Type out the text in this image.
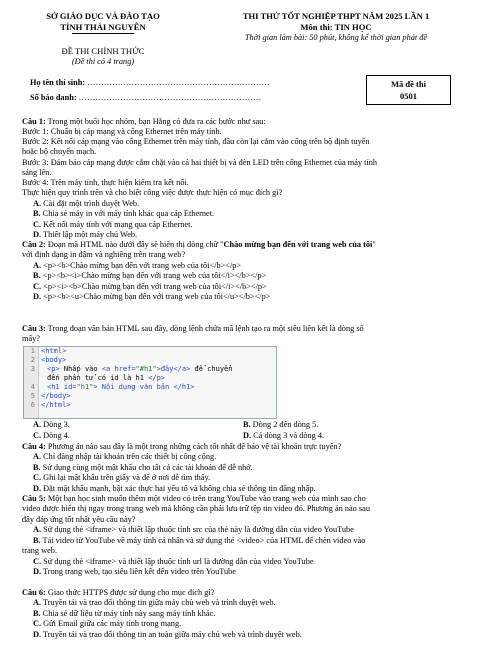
SỞ GIÁO DỤC VÀ ĐÀO TẠO
TỈNH THÁI NGUYÊN
THI THỬ TỐT NGHIỆP THPT NĂM 2025 LẦN 1
Môn thi: TIN HỌC
Thời gian làm bài: 50 phút, không kể thời gian phát đề
ĐỀ THI CHÍNH THỨC
(Đề thi có 4 trang)
Họ tên thí sinh: …………………………………………………………
Số báo danh: …………………………………………………………
Mã đề thi
0501
Câu 1: Trong một buổi học nhóm, bạn Hằng có đưa ra các bước như sau:
Bước 1: Chuẩn bị cáp mạng và cổng Ethernet trên máy tính.
Bước 2: Kết nối cáp mạng vào cổng Ethernet trên máy tính, đầu còn lại cắm vào cổng trên bộ định tuyến
hoặc bộ chuyển mạch.
Bước 3: Đảm bảo cáp mạng được cắm chặt vào cả hai thiết bị và đèn LED trên cổng Ethernet của máy tính
sáng lên.
Bước 4: Trên máy tính, thực hiện kiểm tra kết nối.
Thực hiện quy trình trên và cho biết công việc được thực hiện có mục đích gì?
A. Cài đặt một trình duyệt Web.
B. Chia sẻ máy in với máy tính khác qua cáp Ethernet.
C. Kết nối máy tính với mạng qua cáp Ethernet.
D. Thiết lập một máy chủ Web.
Câu 2: Đoạn mã HTML nào dưới đây sẽ hiển thị dòng chữ "Chào mừng bạn đến với trang web của tôi"
với định dạng in đậm và nghiêng trên trang web?
A. <p><b>Chào mừng bạn đến với trang web của tôi</b></p>
B. <p><b><i>Chào mừng bạn đến với trang web của tôi</i></b></p>
C. <p><i><b>Chào mừng bạn đến với trang web của tôi</i></b></p>
D. <p><b><u>Chào mừng bạn đến với trang web của tôi</u></b></p>
Câu 3: Trong đoạn văn bản HTML sau đây, dòng lệnh chứa mã lệnh tạo ra một siêu liên kết là dòng số
mấy?
1
2
3

4
5
6
<html>
<body>
<p> Nhấp vào <a href="#h1">đây</a> để chuyển
đến phần tử có id là h1 </p>
<h1 id="h1"> Nội dung văn bản </h1>
</body>
</html>
A. Dòng 3.	B. Dòng 2 đến dòng 5.
C. Dòng 4.	D. Cả dòng 3 và dòng 4.
Câu 4: Phương án nào sau đây là một trong những cách tốt nhất để bảo vệ tài khoản trực tuyến?
A. Chỉ đăng nhập tài khoản trên các thiết bị công cộng.
B. Sử dụng cùng một mật khẩu cho tất cả các tài khoản để dễ nhớ.
C. Ghi lại mật khẩu trên giấy và để ở nơi dễ tìm thấy.
D. Đặt mật khẩu mạnh, bật xác thực hai yếu tố và không chia sẻ thông tin đăng nhập.
Câu 5: Một bạn học sinh muốn thêm một video có trên trang YouTube vào trang web của mình sao cho
video được hiển thị ngay trong trang web mà không cần phải lưu trữ tệp tin video đó. Phương án nào sau
đây đáp ứng tốt nhất yêu cầu này?
A. Sử dụng thẻ <iframe> và thiết lập thuộc tính src của thẻ này là đường dẫn của video YouTube
B. Tải video từ YouTube về máy tính cá nhân và sử dụng thẻ <video> của HTML để chèn video vào
trang web.
C. Sử dụng thẻ <iframe> và thiết lập thuộc tính url là đường dẫn của video YouTube
D. Trong trang web, tạo siêu liên kết đến video trên YouTube
Câu 6: Giao thức HTTPS được sử dụng cho mục đích gì?
A. Truyền tải và trao đổi thông tin giữa máy chủ web và trình duyệt web.
B. Chia sẻ dữ liệu từ máy tính này sang máy tính khác.
C. Gửi Email giữa các máy tính trong mạng.
D. Truyền tải và trao đổi thông tin an toàn giữa máy chủ web và trình duyệt web.
